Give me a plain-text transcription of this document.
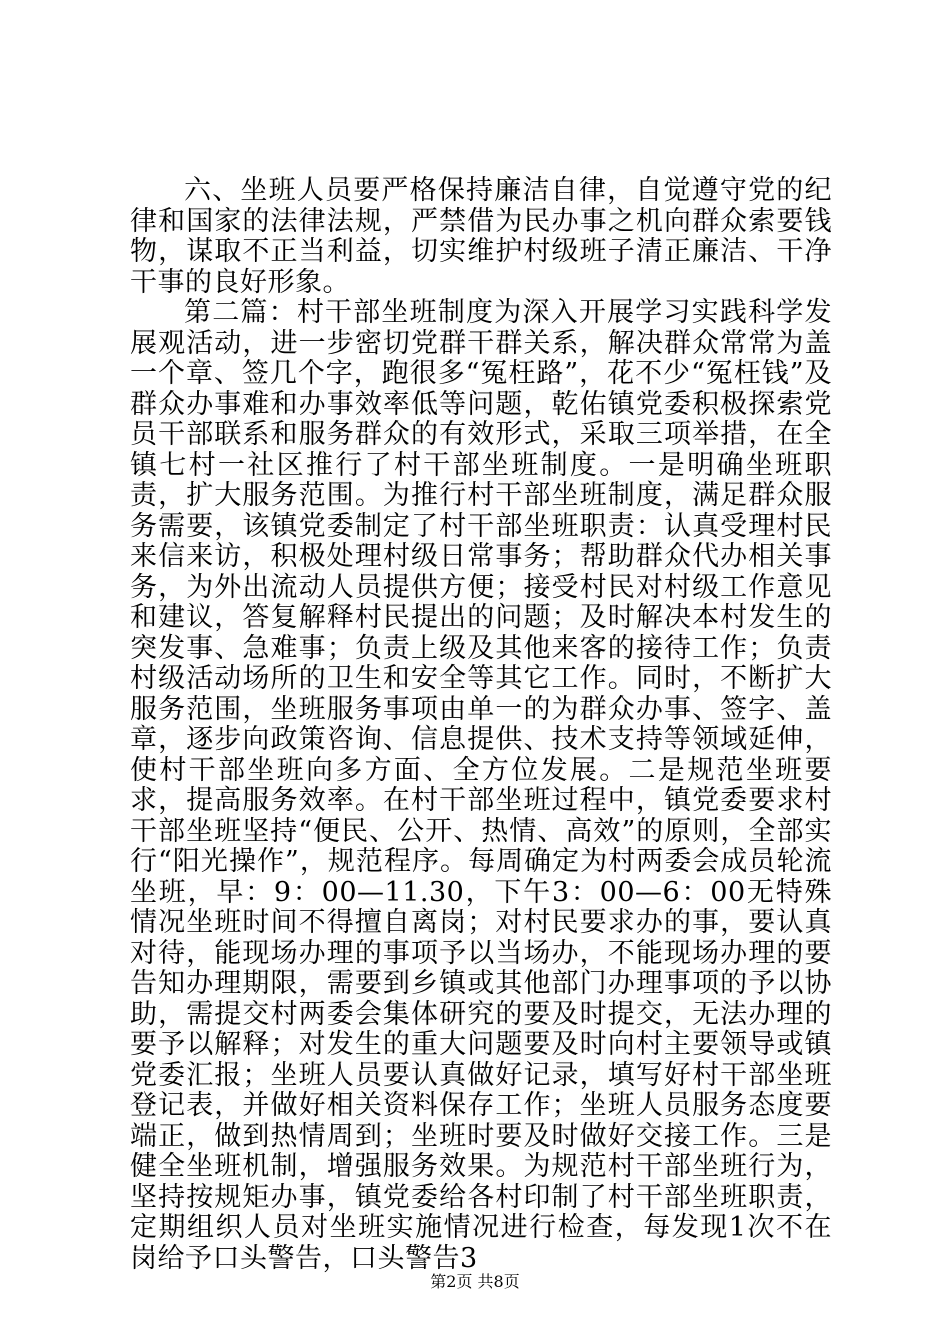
六、坐班人员要严格保持廉洁自律，自觉遵守党的纪律和国家的法律法规，严禁借为民办事之机向群众索要钱物，谋取不正当利益，切实维护村级班子清正廉洁、干净干事的良好形象。

第二篇：村干部坐班制度为深入开展学习实践科学发展观活动，进一步密切党群干群关系，解决群众常常为盖一个章、签几个字，跑很多“冤枉路”，花不少“冤枉钱”及群众办事难和办事效率低等问题，乾佑镇党委积极探索党员干部联系和服务群众的有效形式，采取三项举措，在全镇七村一社区推行了村干部坐班制度。一是明确坐班职责，扩大服务范围。为推行村干部坐班制度，满足群众服务需要，该镇党委制定了村干部坐班职责：认真受理村民来信来访，积极处理村级日常事务；帮助群众代办相关事务，为外出流动人员提供方便；接受村民对村级工作意见和建议，答复解释村民提出的问题；及时解决本村发生的突发事、急难事；负责上级及其他来客的接待工作；负责村级活动场所的卫生和安全等其它工作。同时，不断扩大服务范围，坐班服务事项由单一的为群众办事、签字、盖章，逐步向政策咨询、信息提供、技术支持等领域延伸，使村干部坐班向多方面、全方位发展。二是规范坐班要求，提高服务效率。在村干部坐班过程中，镇党委要求村干部坐班坚持“便民、公开、热情、高效”的原则，全部实行“阳光操作”，规范程序。每周确定为村两委会成员轮流坐班，早：9：00—11.30，下午3：00—6：00无特殊情况坐班时间不得擅自离岗；对村民要求办的事，要认真对待，能现场办理的事项予以当场办，不能现场办理的要告知办理期限，需要到乡镇或其他部门办理事项的予以协助，需提交村两委会集体研究的要及时提交，无法办理的要予以解释；对发生的重大问题要及时向村主要领导或镇党委汇报；坐班人员要认真做好记录，填写好村干部坐班登记表，并做好相关资料保存工作；坐班人员服务态度要端正，做到热情周到；坐班时要及时做好交接工作。三是健全坐班机制，增强服务效果。为规范村干部坐班行为，坚持按规矩办事，镇党委给各村印制了村干部坐班职责，定期组织人员对坐班实施情况进行检查，每发现1次不在岗给予口头警告，口头警告3

第2页 共8页
